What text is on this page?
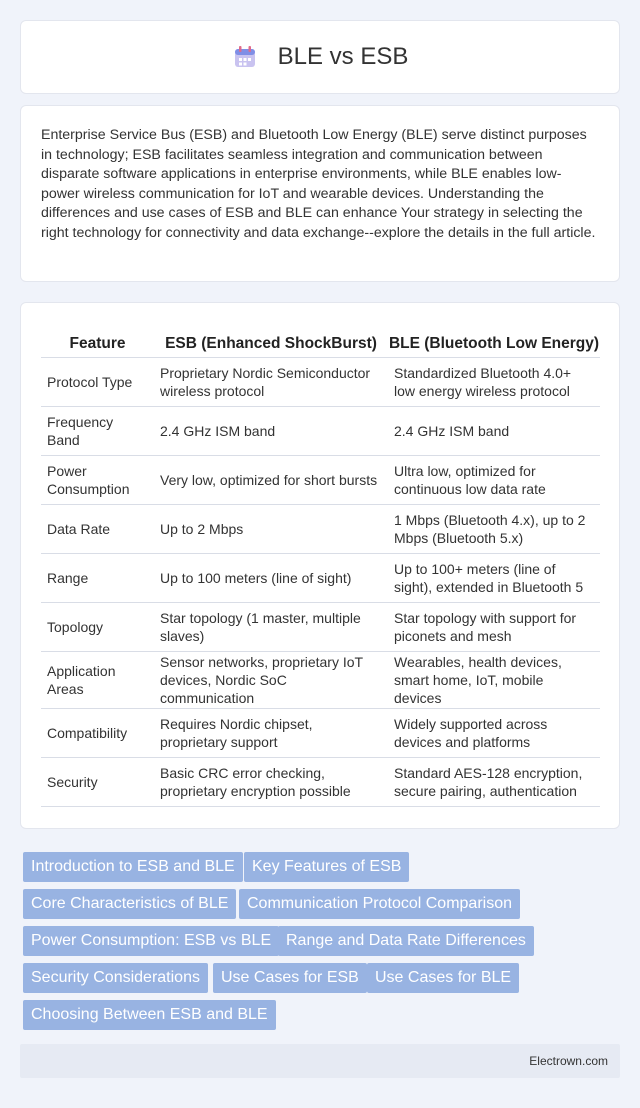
BLE vs ESB

Enterprise Service Bus (ESB) and Bluetooth Low Energy (BLE) serve distinct purposes in technology; ESB facilitates seamless integration and communication between disparate software applications in enterprise environments, while BLE enables low-power wireless communication for IoT and wearable devices. Understanding the differences and use cases of ESB and BLE can enhance Your strategy in selecting the right technology for connectivity and data exchange--explore the details in the full article.

Feature	ESB (Enhanced ShockBurst)	BLE (Bluetooth Low Energy)
Protocol Type	Proprietary Nordic Semiconductor wireless protocol	Standardized Bluetooth 4.0+ low energy wireless protocol
Frequency Band	2.4 GHz ISM band	2.4 GHz ISM band
Power Consumption	Very low, optimized for short bursts	Ultra low, optimized for continuous low data rate
Data Rate	Up to 2 Mbps	1 Mbps (Bluetooth 4.x), up to 2 Mbps (Bluetooth 5.x)
Range	Up to 100 meters (line of sight)	Up to 100+ meters (line of sight), extended in Bluetooth 5
Topology	Star topology (1 master, multiple slaves)	Star topology with support for piconets and mesh
Application Areas	Sensor networks, proprietary IoT devices, Nordic SoC communication	Wearables, health devices, smart home, IoT, mobile devices
Compatibility	Requires Nordic chipset, proprietary support	Widely supported across devices and platforms
Security	Basic CRC error checking, proprietary encryption possible	Standard AES-128 encryption, secure pairing, authentication
Introduction to ESB and BLE	Key Features of ESB
Core Characteristics of BLE	Communication Protocol Comparison
Power Consumption: ESB vs BLE Range and Data Rate Differences
Security Considerations	Use Cases for ESB	Use Cases for BLE
Choosing Between ESB and BLE
Electrown.com
